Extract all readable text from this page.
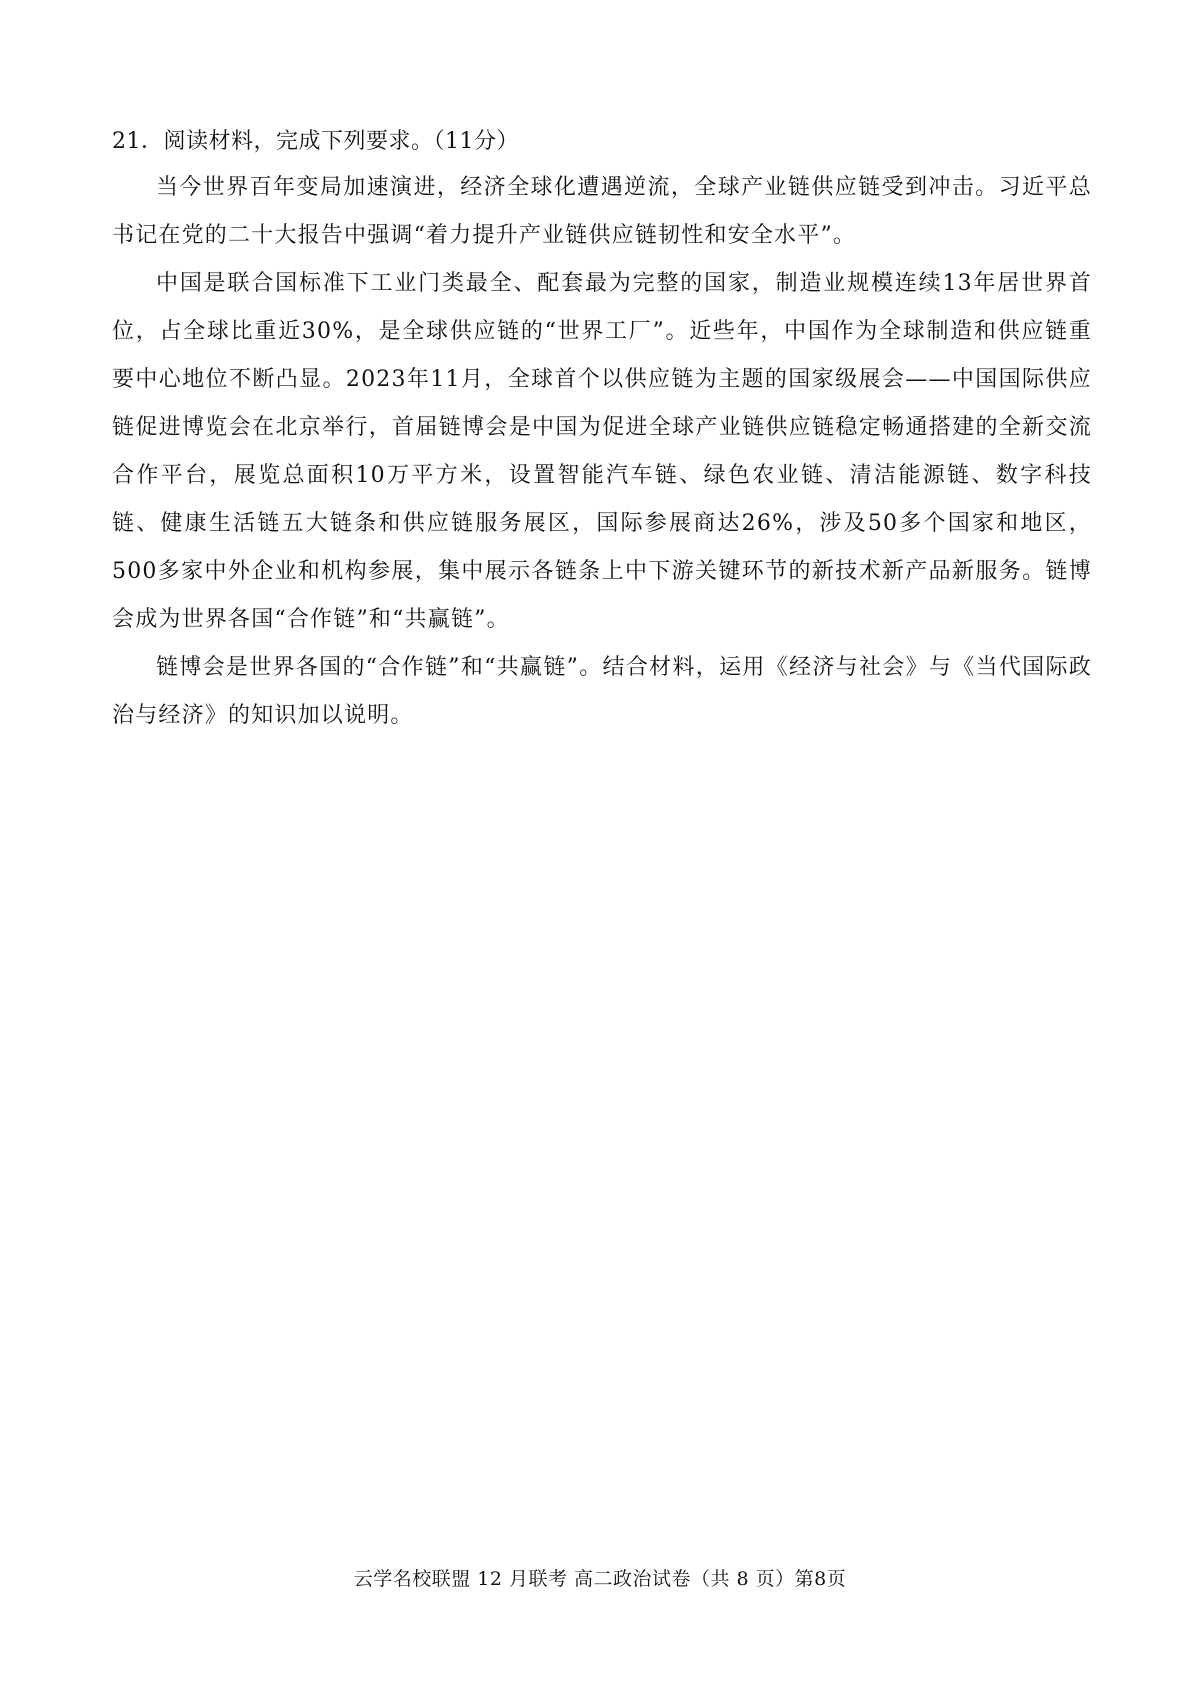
21．阅读材料，完成下列要求。（11分）

当今世界百年变局加速演进，经济全球化遭遇逆流，全球产业链供应链受到冲击。习近平总书记在党的二十大报告中强调“着力提升产业链供应链韧性和安全水平”。

中国是联合国标准下工业门类最全、配套最为完整的国家，制造业规模连续13年居世界首位，占全球比重近30%，是全球供应链的“世界工厂”。近些年，中国作为全球制造和供应链重要中心地位不断凸显。2023年11月，全球首个以供应链为主题的国家级展会——中国国际供应链促进博览会在北京举行，首届链博会是中国为促进全球产业链供应链稳定畅通搭建的全新交流合作平台，展览总面积10万平方米，设置智能汽车链、绿色农业链、清洁能源链、数字科技链、健康生活链五大链条和供应链服务展区，国际参展商达26%，涉及50多个国家和地区，500多家中外企业和机构参展，集中展示各链条上中下游关键环节的新技术新产品新服务。链博会成为世界各国“合作链”和“共赢链”。

链博会是世界各国的“合作链”和“共赢链”。结合材料，运用《经济与社会》与《当代国际政治与经济》的知识加以说明。

云学名校联盟 12 月联考 高二政治试卷（共 8 页）第8页
